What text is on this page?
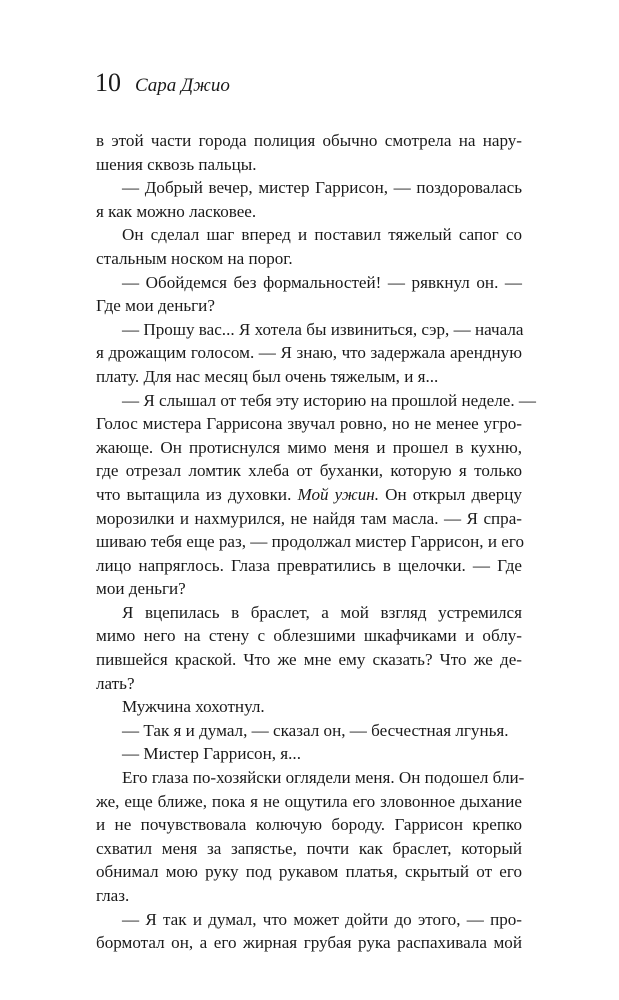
10 Сара Джио
в этой части города полиция обычно смотрела на нару-
шения сквозь пальцы.
— Добрый вечер, мистер Гаррисон, — поздоровалась
я как можно ласковее.
Он сделал шаг вперед и поставил тяжелый сапог со
стальным носком на порог.
— Обойдемся без формальностей! — рявкнул он. —
Где мои деньги?
— Прошу вас... Я хотела бы извиниться, сэр, — начала
я дрожащим голосом. — Я знаю, что задержала арендную
плату. Для нас месяц был очень тяжелым, и я...
— Я слышал от тебя эту историю на прошлой неделе. —
Голос мистера Гаррисона звучал ровно, но не менее угро-
жающе. Он протиснулся мимо меня и прошел в кухню,
где отрезал ломтик хлеба от буханки, которую я только
что вытащила из духовки. Мой ужин. Он открыл дверцу
морозилки и нахмурился, не найдя там масла. — Я спра-
шиваю тебя еще раз, — продолжал мистер Гаррисон, и его
лицо напряглось. Глаза превратились в щелочки. — Где
мои деньги?
Я вцепилась в браслет, а мой взгляд устремился
мимо него на стену с облезшими шкафчиками и облу-
пившейся краской. Что же мне ему сказать? Что же де-
лать?
Мужчина хохотнул.
— Так я и думал, — сказал он, — бесчестная лгунья.
— Мистер Гаррисон, я...
Его глаза по-хозяйски оглядели меня. Он подошел бли-
же, еще ближе, пока я не ощутила его зловонное дыхание
и не почувствовала колючую бороду. Гаррисон крепко
схватил меня за запястье, почти как браслет, который
обнимал мою руку под рукавом платья, скрытый от его
глаз.
— Я так и думал, что может дойти до этого, — про-
бормотал он, а его жирная грубая рука распахивала мой
